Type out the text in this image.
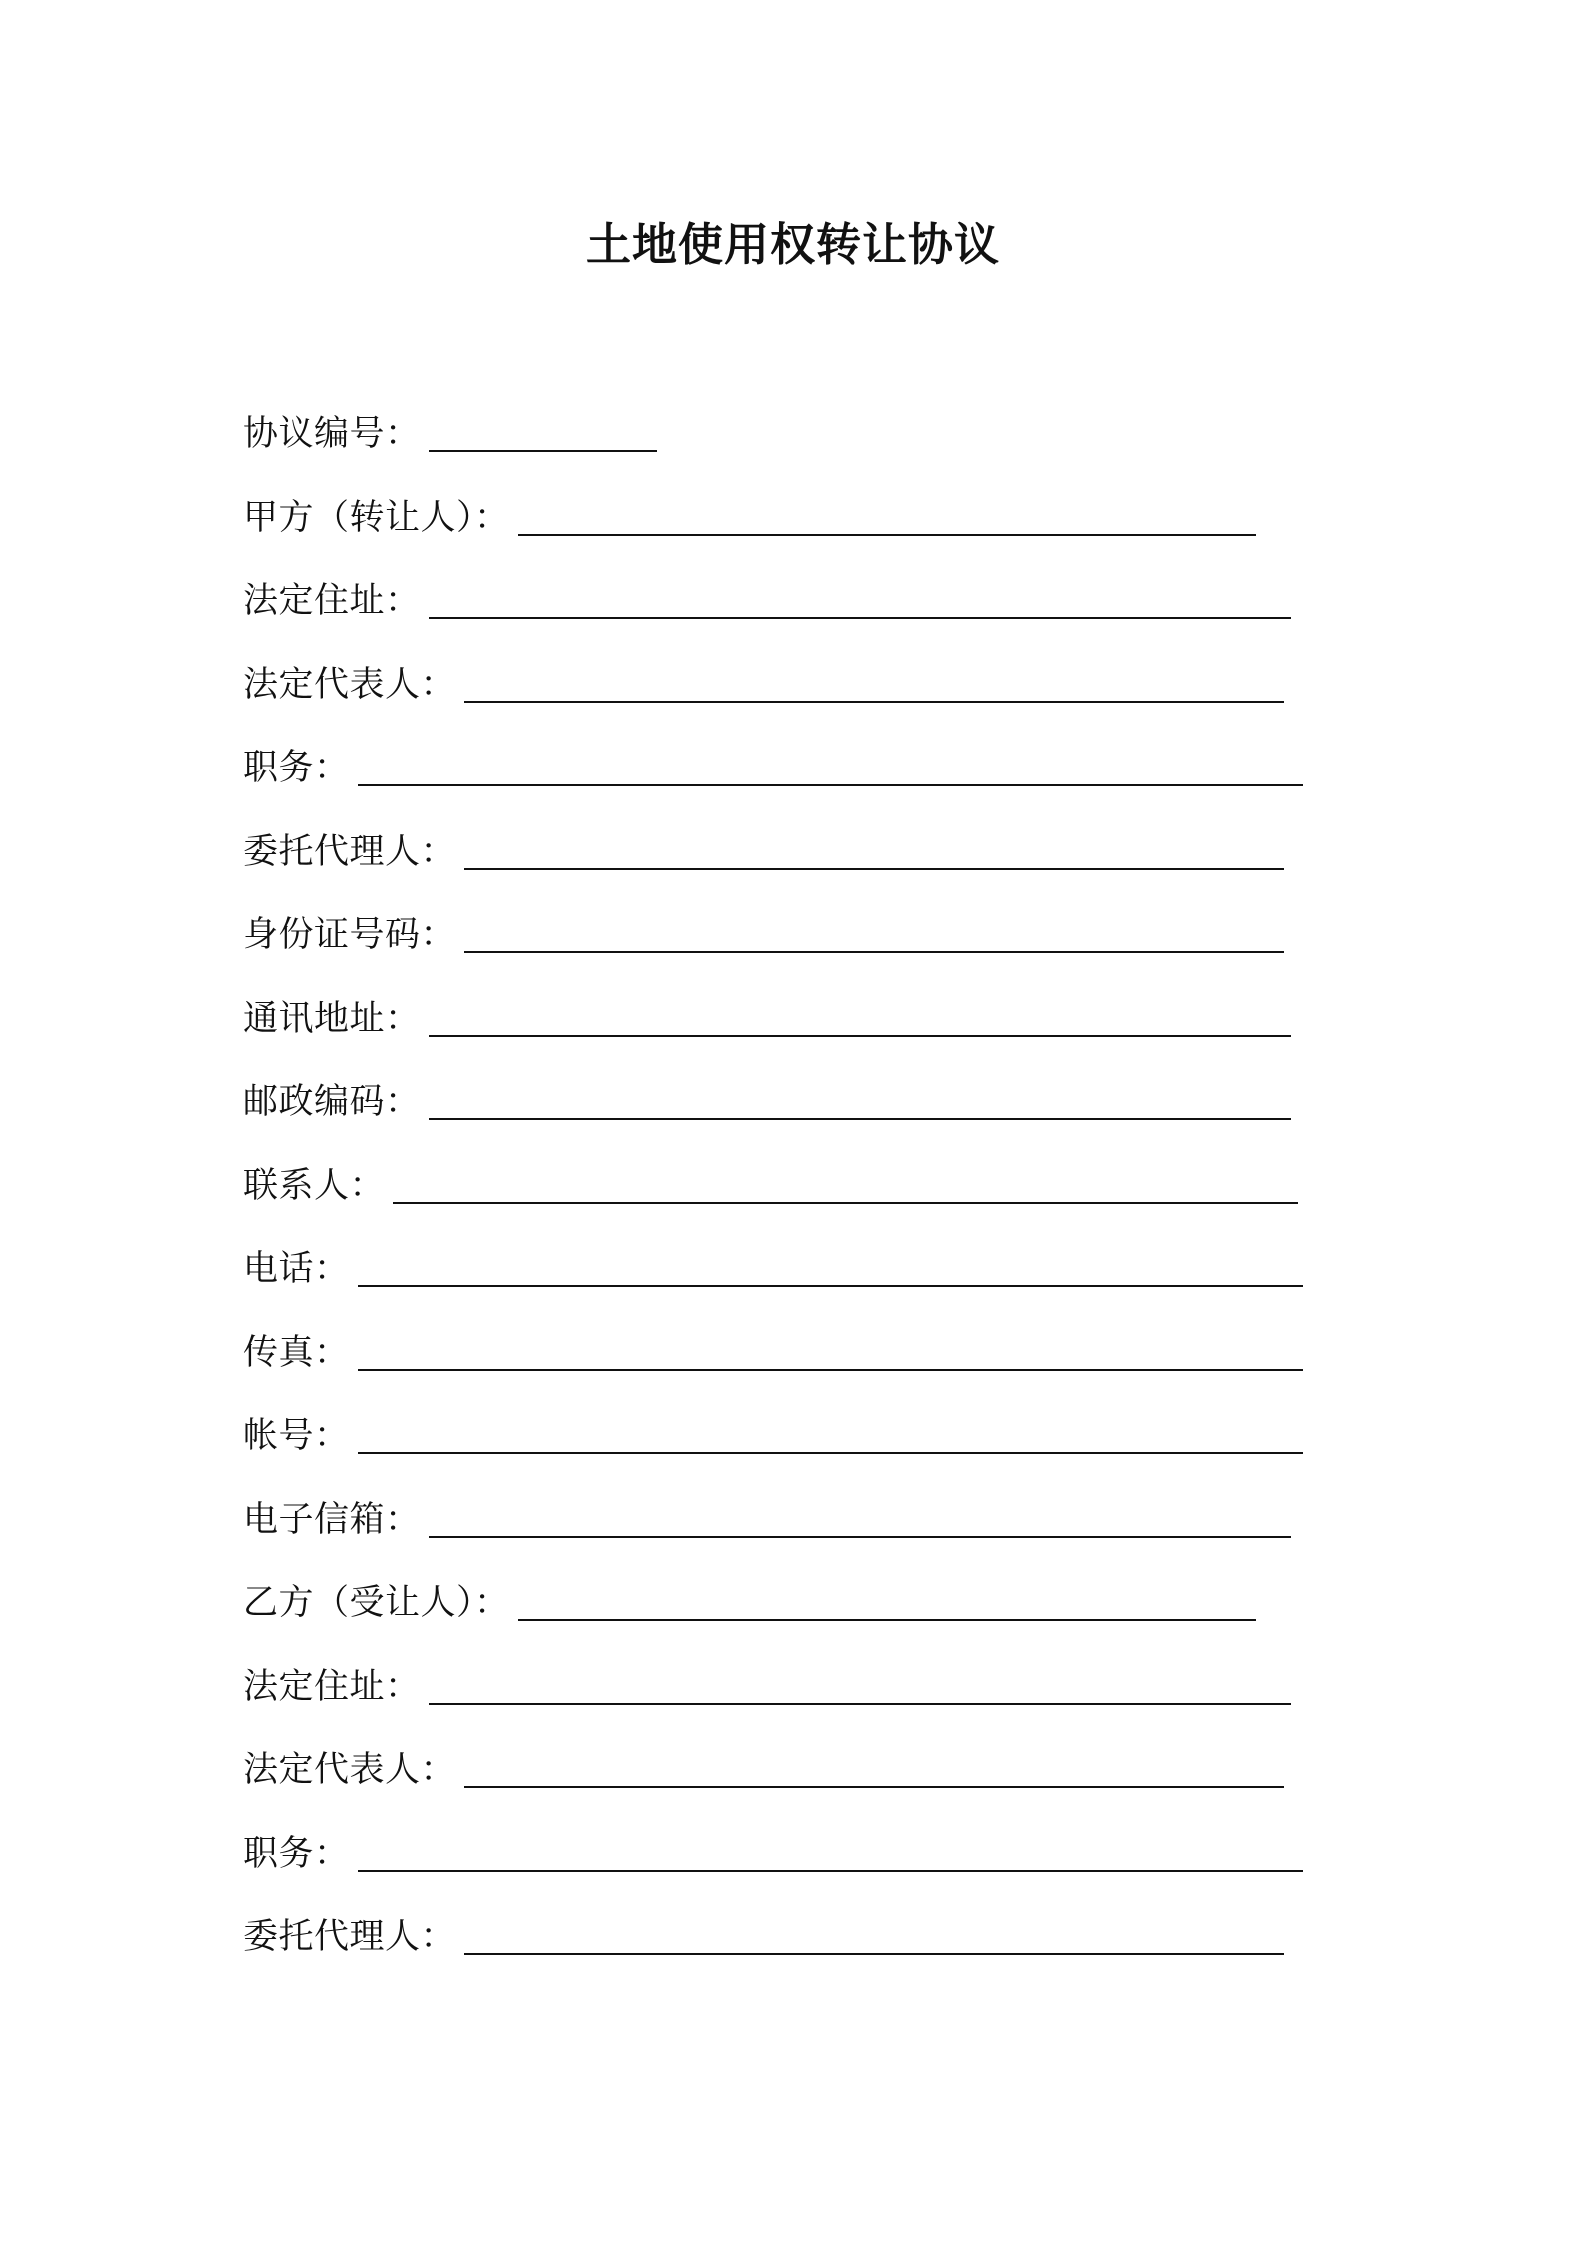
土地使用权转让协议
协议编号：
甲方（转让人）：
法定住址：
法定代表人：
职务：
委托代理人：
身份证号码：
通讯地址：
邮政编码：
联系人：
电话：
传真：
帐号：
电子信箱：
乙方（受让人）：
法定住址：
法定代表人：
职务：
委托代理人：
